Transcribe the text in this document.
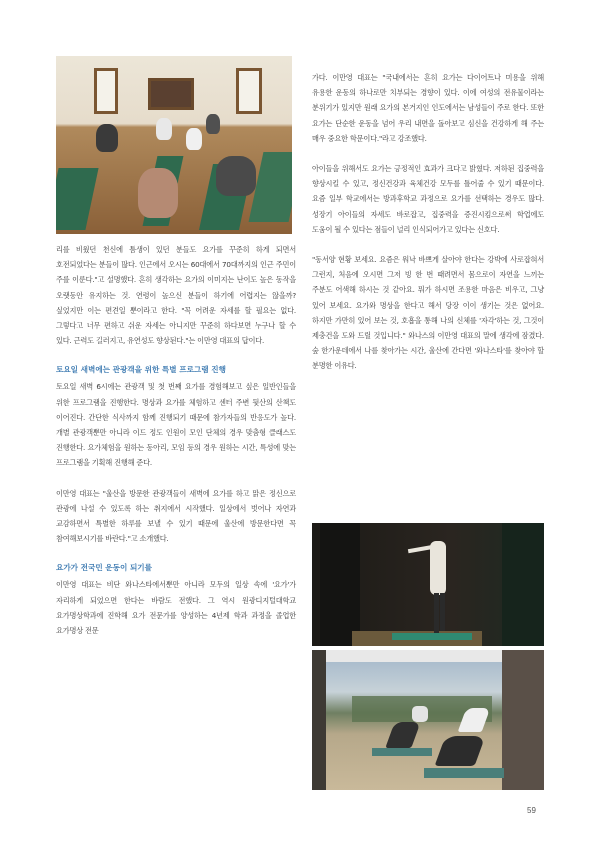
리를 비웠던 천신에 틈생이 있던 분들도 요가를 꾸준히 하게 되면서 호전되었다는 분들이 많다. 인근에서 오시는 60대에서 70대까지의 인근 주민이 주를 이룬다."고 설명했다. 흔히 생각하는 요가의 이미지는 난이도 높은 동작을 오랫동안 유지하는 것. 연령이 높으신 분들이 하기에 어렵지는 않을까? 싶었지만 이는 편견일 뿐이라고 한다. "꼭 어려운 자세를 할 필요는 없다. 그렇다고 너무 편하고 쉬운 자세는 아니지만 꾸준히 하다보면 누구나 할 수 있다. 근력도 길러지고, 유연성도 향상된다."는 이만영 대표의 답이다.

토요일 새벽에는 관광객을 위한 특별 프로그램 진행

토요일 새벽 6시에는 관광객 및 첫 번째 요가를 경험해보고 싶은 일반인들을 위한 프로그램을 진행한다. 명상과 요가를 체험하고 센터 주변 뒷산의 산책도 이어진다. 간단한 식사까지 함께 진행되기 때문에 참가자들의 반응도가 높다. 개별 관광객뿐만 아니라 이드 정도 인원이 모인 단체의 경우 맞춤형 클래스도 진행한다. 요가체험을 원하는 동아리, 모임 등의 경우 원하는 시간, 특성에 맞는 프로그램을 기획해 진행해 준다.

이만영 대표는 "울산을 방문한 관광객들이 새벽에 요가를 하고 맑은 정신으로 관광에 나설 수 있도록 하는 취지에서 시작했다. 일상에서 벗어나 자연과 교감하면서 특별한 하루를 보낼 수 있기 때문에 울산에 방문한다면 꼭 참여해보시기를 바란다."고 소개했다.

요가가 전국민 운동이 되기를

이만영 대표는 비단 와나스타에서뿐만 아니라 모두의 일상 속에 '요가'가 자리하게 되었으면 한다는 바람도 전했다. 그 역시 원광디지털대학교 요가명상학과에 진학해 요가 전문가를 양성하는 4년제 학과 과정을 졸업한 요가명상 전문

가다. 이만영 대표는 "국내에서는 흔히 요가는 다이어트나 미용을 위해 유용한 운동의 하나로만 치부되는 경향이 있다. 이에 여성의 전유물이라는 분위기가 있지만 원래 요가의 본거지인 인도에서는 남성들이 주로 한다. 또한 요가는 단순한 운동을 넘어 우리 내면을 돌아보고 심신을 건강하게 해 주는 매우 중요한 학문이다."라고 강조했다.

아이들을 위해서도 요가는 긍정적인 효과가 크다고 밝혔다. 저하된 집중력을 향상시킬 수 있고, 정신건강과 육체건강 모두를 틀어줄 수 있기 때문이다. 요즘 일부 학교에서는 방과후학교 과정으로 요가를 선택하는 경우도 많다. 성장기 아이들의 자세도 바로잡고, 집중력을 증진시킴으로써 학업에도 도움이 될 수 있다는 점들이 널리 인식되어가고 있다는 신호다.

"동서양 현황 보세요. 요즘은 워낙 바쁘게 살아야 한다는 강박에 사로잡혀서 그런지, 처음에 오시면 그저 빙 한 번 때려면서 몸으로이 자연을 느끼는 주분도 어색해 하시는 것 같아요. 뭐가 하시면 조용한 마음은 비우고, 그냥 있어 보세요. 요가와 명상을 한다고 해서 당장 이이 생기는 것은 없어요. 하지만 가만히 있어 보는 것, 호흡을 통해 나의 신체를 '자각'하는 것, 그것이 제충건을 도와 드릴 것입니다." 와나스의 이만영 대표의 말에 생각에 잠겼다. 숲 한가운데에서 나를 찾아가는 시간, 울산에 간다면 '와나스타'를 찾아야 할 분명한 이유다.

59
